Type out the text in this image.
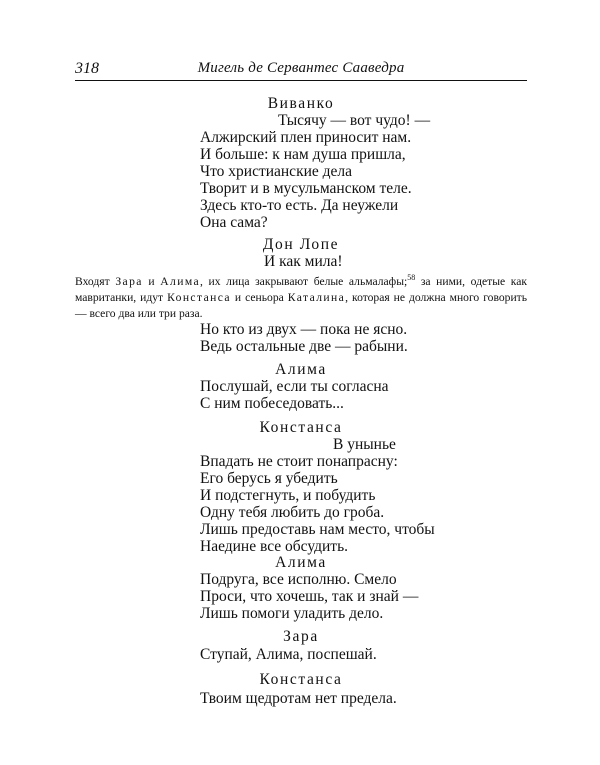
318	Мигель де Сервантес Сааведра
Виванко
Тысячу — вот чудо! —
Алжирский плен приносит нам.
И больше: к нам душа пришла,
Что христианские дела
Творит и в мусульманском теле.
Здесь кто-то есть. Да неужели
Она сама?
Дон Лопе
И как мила!
Входят Зара и Алима, их лица закрывают белые альмалафы;$^{58}$ за ними, одетые как мавританки, идут Констанса и сеньора Каталина, которая не должна много говорить — всего два или три раза.
Но кто из двух — пока не ясно.
Ведь остальные две — рабыни.
Алима
Послушай, если ты согласна
С ним побеседовать...
Констанса
В унынье
Впадать не стоит понапрасну:
Его берусь я убедить
И подстегнуть, и побудить
Одну тебя любить до гроба.
Лишь предоставь нам место, чтобы
Наедине все обсудить.
Алима
Подруга, все исполню. Смело
Проси, что хочешь, так и знай —
Лишь помоги уладить дело.
Зара
Ступай, Алима, поспешай.
Констанса
Твоим щедротам нет предела.
